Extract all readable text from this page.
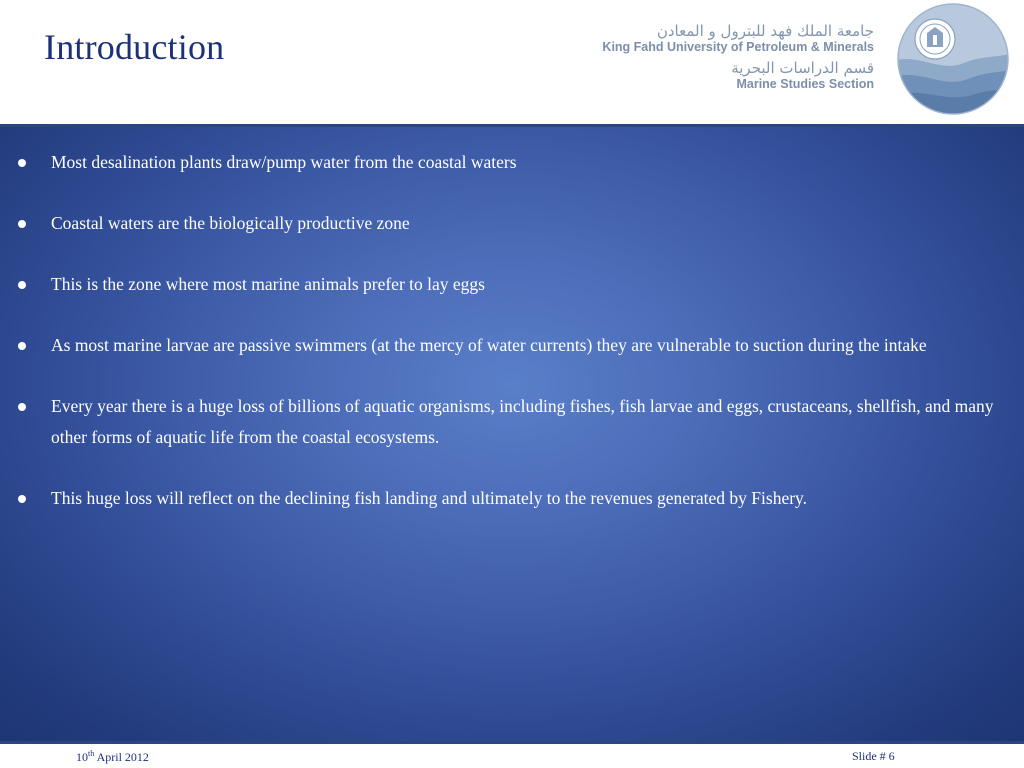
Introduction	جامعة الملك فهد للبترول و المعادن
King Fahd University of Petroleum & Minerals
قسم الدراسات البحرية
Marine Studies Section
Most desalination plants draw/pump water from the coastal waters
Coastal waters are the biologically productive zone
This is the zone where most marine animals prefer to lay eggs
As most marine larvae are passive swimmers (at the mercy of water currents) they are vulnerable to suction during the intake
Every year there is a huge loss of billions of aquatic organisms, including fishes, fish larvae and eggs, crustaceans, shellfish, and many other forms of aquatic life from the coastal ecosystems.
This huge loss will reflect on the declining fish landing and ultimately to the revenues generated by Fishery.
10th April 2012	Slide # 6
